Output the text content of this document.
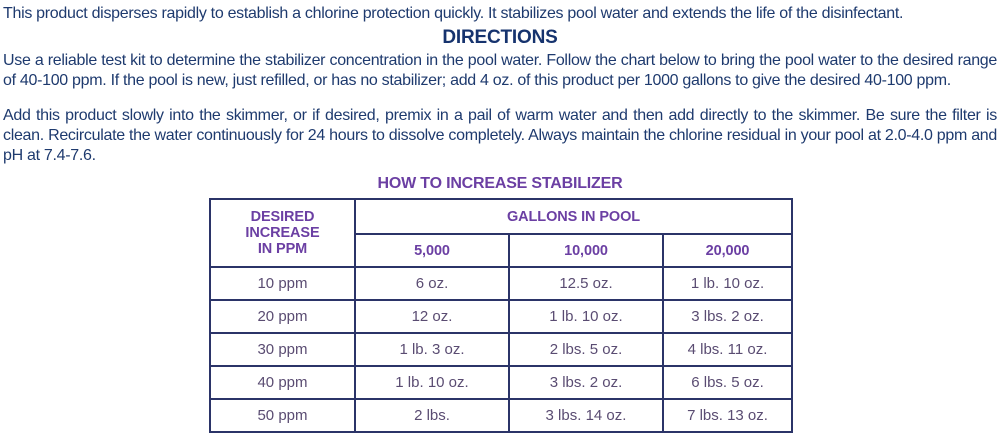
This product disperses rapidly to establish a chlorine protection quickly. It stabilizes pool water and extends the life of the disinfectant.

DIRECTIONS

Use a reliable test kit to determine the stabilizer concentration in the pool water. Follow the chart below to bring the pool water to the desired range of 40-100 ppm. If the pool is new, just refilled, or has no stabilizer; add 4 oz. of this product per 1000 gallons to give the desired 40-100 ppm.

Add this product slowly into the skimmer, or if desired, premix in a pail of warm water and then add directly to the skimmer. Be sure the filter is clean. Recirculate the water continuously for 24 hours to dissolve completely. Always maintain the chlorine residual in your pool at 2.0-4.0 ppm and pH at 7.4-7.6.

HOW TO INCREASE STABILIZER
DESIRED INCREASE IN PPM	GALLONS IN POOL		
	5,000	10,000	20,000
10 ppm	6 oz.	12.5 oz.	1 lb. 10 oz.
20 ppm	12 oz.	1 lb. 10 oz.	3 lbs. 2 oz.
30 ppm	1 lb. 3 oz.	2 lbs. 5 oz.	4 lbs. 11 oz.
40 ppm	1 lb. 10 oz.	3 lbs. 2 oz.	6 lbs. 5 oz.
50 ppm	2 lbs.	3 lbs. 14 oz.	7 lbs. 13 oz.
